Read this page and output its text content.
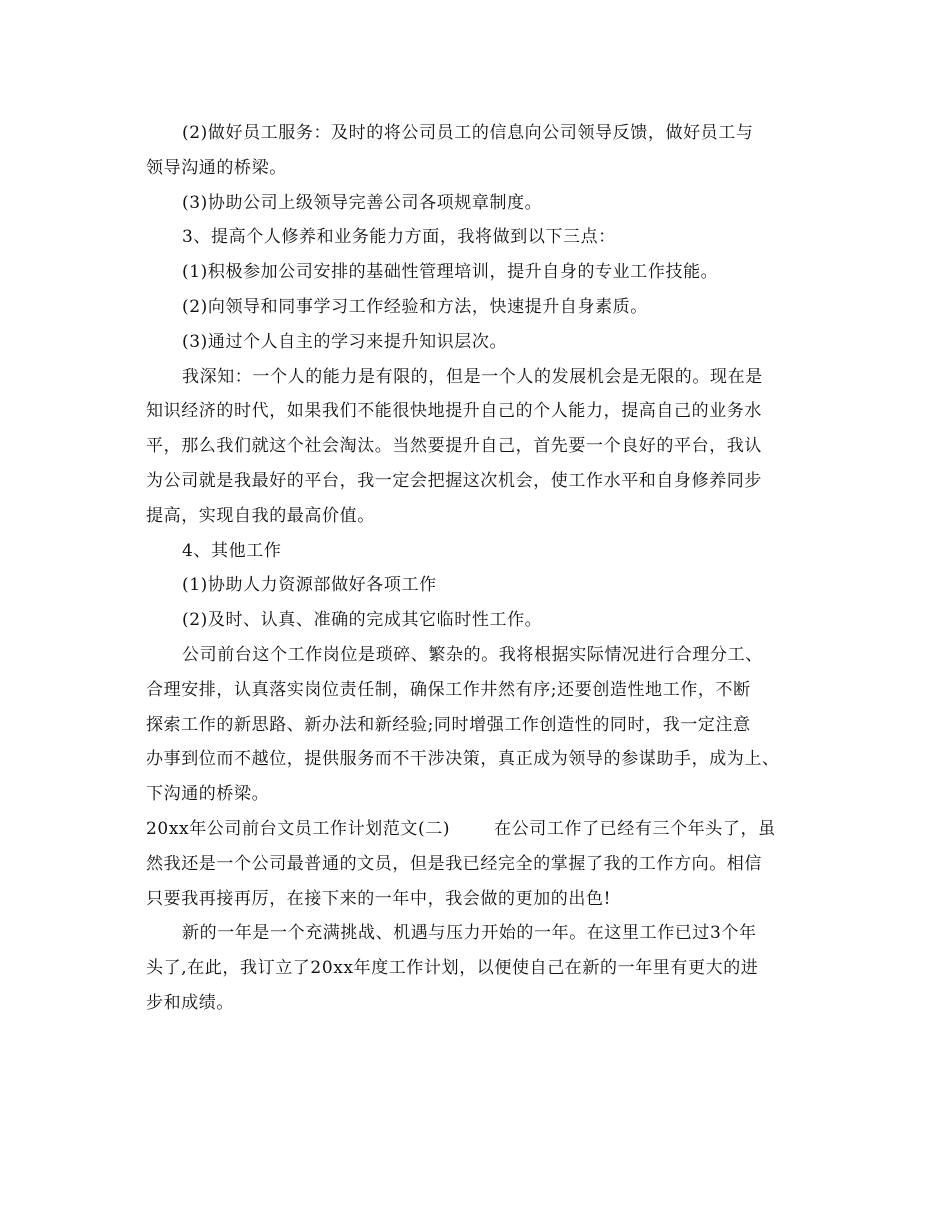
(2)做好员工服务：及时的将公司员工的信息向公司领导反馈，做好员工与
领导沟通的桥梁。
(3)协助公司上级领导完善公司各项规章制度。
3、提高个人修养和业务能力方面，我将做到以下三点：
(1)积极参加公司安排的基础性管理培训，提升自身的专业工作技能。
(2)向领导和同事学习工作经验和方法，快速提升自身素质。
(3)通过个人自主的学习来提升知识层次。
我深知：一个人的能力是有限的，但是一个人的发展机会是无限的。现在是
知识经济的时代，如果我们不能很快地提升自己的个人能力，提高自己的业务水
平，那么我们就这个社会淘汰。当然要提升自己，首先要一个良好的平台，我认
为公司就是我最好的平台，我一定会把握这次机会，使工作水平和自身修养同步
提高，实现自我的最高价值。
4、其他工作
(1)协助人力资源部做好各项工作
(2)及时、认真、准确的完成其它临时性工作。
公司前台这个工作岗位是琐碎、繁杂的。我将根据实际情况进行合理分工、
合理安排，认真落实岗位责任制，确保工作井然有序;还要创造性地工作，不断
探索工作的新思路、新办法和新经验;同时增强工作创造性的同时，我一定注意
办事到位而不越位，提供服务而不干涉决策，真正成为领导的参谋助手，成为上、
下沟通的桥梁。
20xx年公司前台文员工作计划范文(二)	在公司工作了已经有三个年头了，虽
然我还是一个公司最普通的文员，但是我已经完全的掌握了我的工作方向。相信
只要我再接再厉，在接下来的一年中，我会做的更加的出色!
新的一年是一个充满挑战、机遇与压力开始的一年。在这里工作已过3个年
头了,在此，我订立了20xx年度工作计划，以便使自己在新的一年里有更大的进
步和成绩。
